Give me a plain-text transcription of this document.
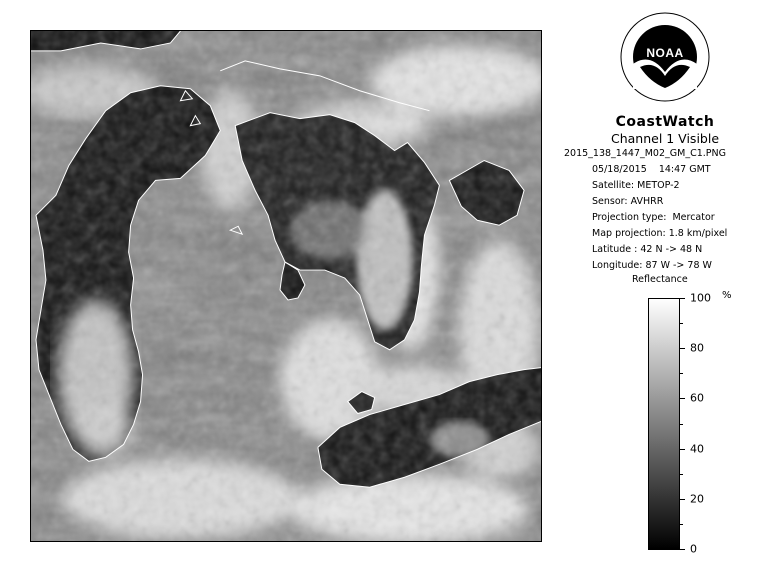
NOAA
CoastWatch
Channel 1 Visible
2015_138_1447_M02_GM_C1.PNG
05/18/2015    14:47 GMT
Satellite: METOP-2
Sensor: AVHRR
Projection type:  Mercator
Map projection: 1.8 km/pixel
Latitude : 42 N -> 48 N
Longitude: 87 W -> 78 W
Reflectance
100
80
60
40
20
0
%
